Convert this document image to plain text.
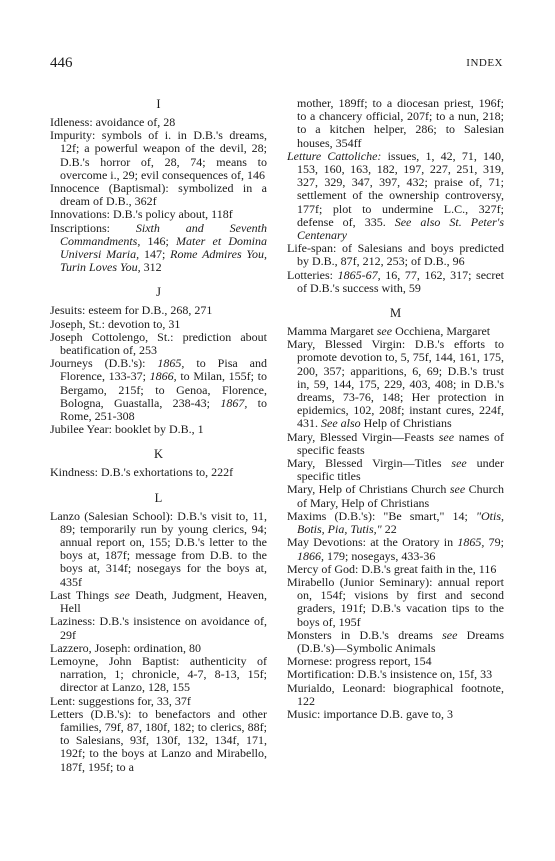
446	INDEX
I

Idleness: avoidance of, 28

Impurity: symbols of i. in D.B.'s dreams, 12f; a powerful weapon of the devil, 28; D.B.'s horror of, 28, 74; means to overcome i., 29; evil consequences of, 146

Innocence (Baptismal): symbolized in a dream of D.B., 362f

Innovations: D.B.'s policy about, 118f

Inscriptions: Sixth and Seventh Commandments, 146; Mater et Domina Universi Maria, 147; Rome Admires You, Turin Loves You, 312

J

Jesuits: esteem for D.B., 268, 271

Joseph, St.: devotion to, 31

Joseph Cottolengo, St.: prediction about beatification of, 253

Journeys (D.B.'s): 1865, to Pisa and Florence, 133-37; 1866, to Milan, 155f; to Bergamo, 215f; to Genoa, Florence, Bologna, Guastalla, 238-43; 1867, to Rome, 251-308

Jubilee Year: booklet by D.B., 1

K

Kindness: D.B.'s exhortations to, 222f

L

Lanzo (Salesian School): D.B.'s visit to, 11, 89; temporarily run by young clerics, 94; annual report on, 155; D.B.'s letter to the boys at, 187f; message from D.B. to the boys at, 314f; nosegays for the boys at, 435f

Last Things see Death, Judgment, Heaven, Hell

Laziness: D.B.'s insistence on avoidance of, 29f

Lazzero, Joseph: ordination, 80

Lemoyne, John Baptist: authenticity of narration, 1; chronicle, 4-7, 8-13, 15f; director at Lanzo, 128, 155

Lent: suggestions for, 33, 37f

Letters (D.B.'s): to benefactors and other families, 79f, 87, 180f, 182; to clerics, 88f; to Salesians, 93f, 130f, 132, 134f, 171, 192f; to the boys at Lanzo and Mirabello, 187f, 195f; to a

mother, 189ff; to a diocesan priest, 196f; to a chancery official, 207f; to a nun, 218; to a kitchen helper, 286; to Salesian houses, 354ff

Letture Cattoliche: issues, 1, 42, 71, 140, 153, 160, 163, 182, 197, 227, 251, 319, 327, 329, 347, 397, 432; praise of, 71; settlement of the ownership controversy, 177f; plot to undermine L.C., 327f; defense of, 335. See also St. Peter's Centenary

Life-span: of Salesians and boys predicted by D.B., 87f, 212, 253; of D.B., 96

Lotteries: 1865-67, 16, 77, 162, 317; secret of D.B.'s success with, 59

M

Mamma Margaret see Occhiena, Margaret

Mary, Blessed Virgin: D.B.'s efforts to promote devotion to, 5, 75f, 144, 161, 175, 200, 357; apparitions, 6, 69; D.B.'s trust in, 59, 144, 175, 229, 403, 408; in D.B.'s dreams, 73-76, 148; Her protection in epidemics, 102, 208f; instant cures, 224f, 431. See also Help of Christians

Mary, Blessed Virgin—Feasts see names of specific feasts

Mary, Blessed Virgin—Titles see under specific titles

Mary, Help of Christians Church see Church of Mary, Help of Christians

Maxims (D.B.'s): "Be smart," 14; "Otis, Botis, Pia, Tutis," 22

May Devotions: at the Oratory in 1865, 79; 1866, 179; nosegays, 433-36

Mercy of God: D.B.'s great faith in the, 116

Mirabello (Junior Seminary): annual report on, 154f; visions by first and second graders, 191f; D.B.'s vacation tips to the boys of, 195f

Monsters in D.B.'s dreams see Dreams (D.B.'s)—Symbolic Animals

Mornese: progress report, 154

Mortification: D.B.'s insistence on, 15f, 33

Murialdo, Leonard: biographical footnote, 122

Music: importance D.B. gave to, 3
